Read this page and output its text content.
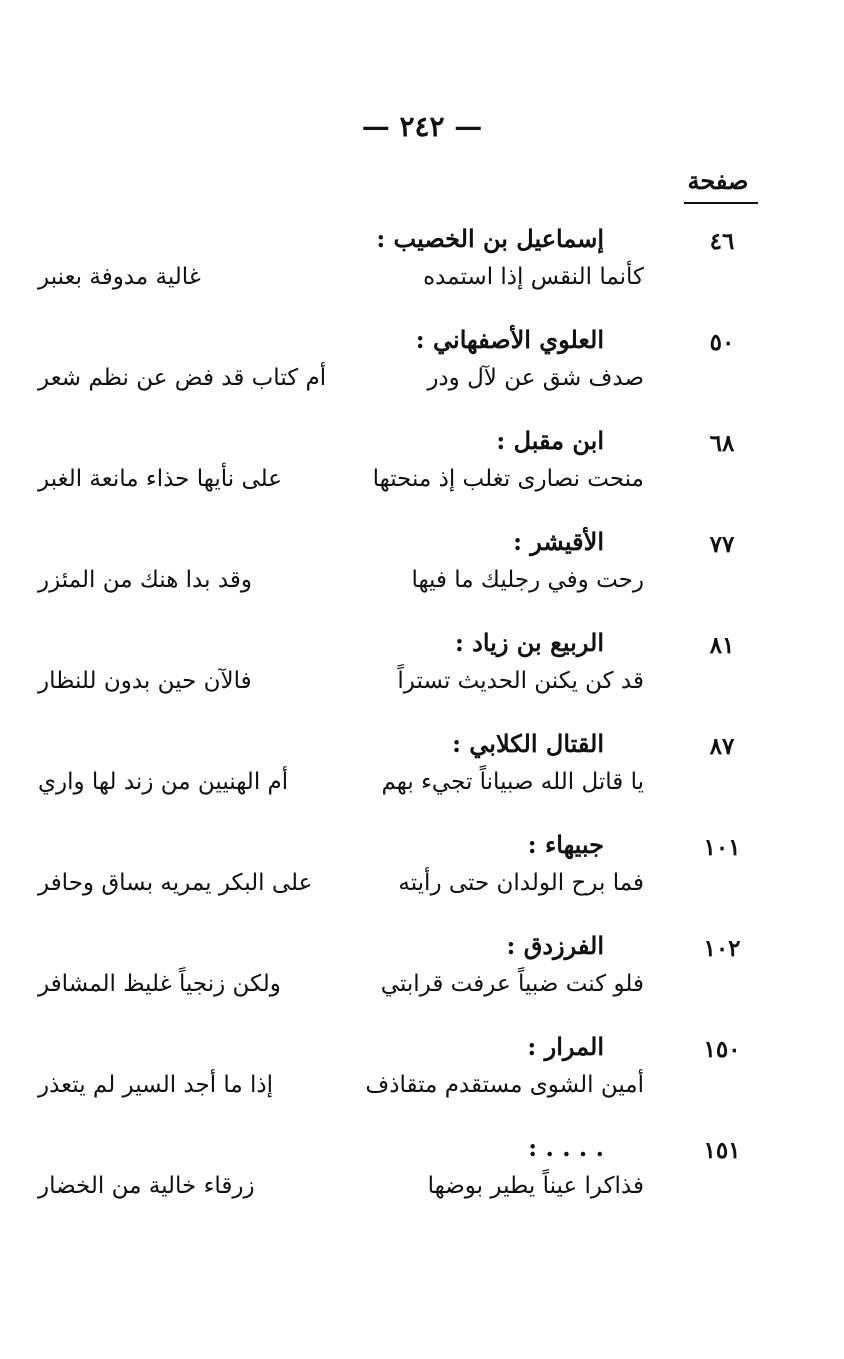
— ٢٤٢ —
صفحة
٤٦
إسماعيل بن الخصيب :
كأنما النقس إذا استمده
غالية مدوفة بعنبر
٥٠
العلوي الأصفهاني :
صدف شق عن لآل ودر
أم كتاب قد فض عن نظم شعر
٦٨
ابن مقبل :
منحت نصارى تغلب إذ منحتها
على نأيها حذاء مانعة الغبر
٧٧
الأقيشر :
رحت وفي رجليك ما فيها
وقد بدا هنك من المئزر
٨١
الربيع بن زياد :
قد كن يكنن الحديث تستراً
فالآن حين بدون للنظار
٨٧
القتال الكلابي :
يا قاتل الله صبياناً تجيء بهم
أم الهنيين من زند لها واري
١٠١
جبيهاء :
فما برح الولدان حتى رأيته
على البكر يمريه بساق وحافر
١٠٢
الفرزدق :
فلو كنت ضبياً عرفت قرابتي
ولكن زنجياً غليظ المشافر
١٥٠
المرار :
أمين الشوى مستقدم متقاذف
إذا ما أجد السير لم يتعذر
١٥١
. . . . :
فذاكرا عيناً يطير بوضها
زرقاء خالية من الخضار
